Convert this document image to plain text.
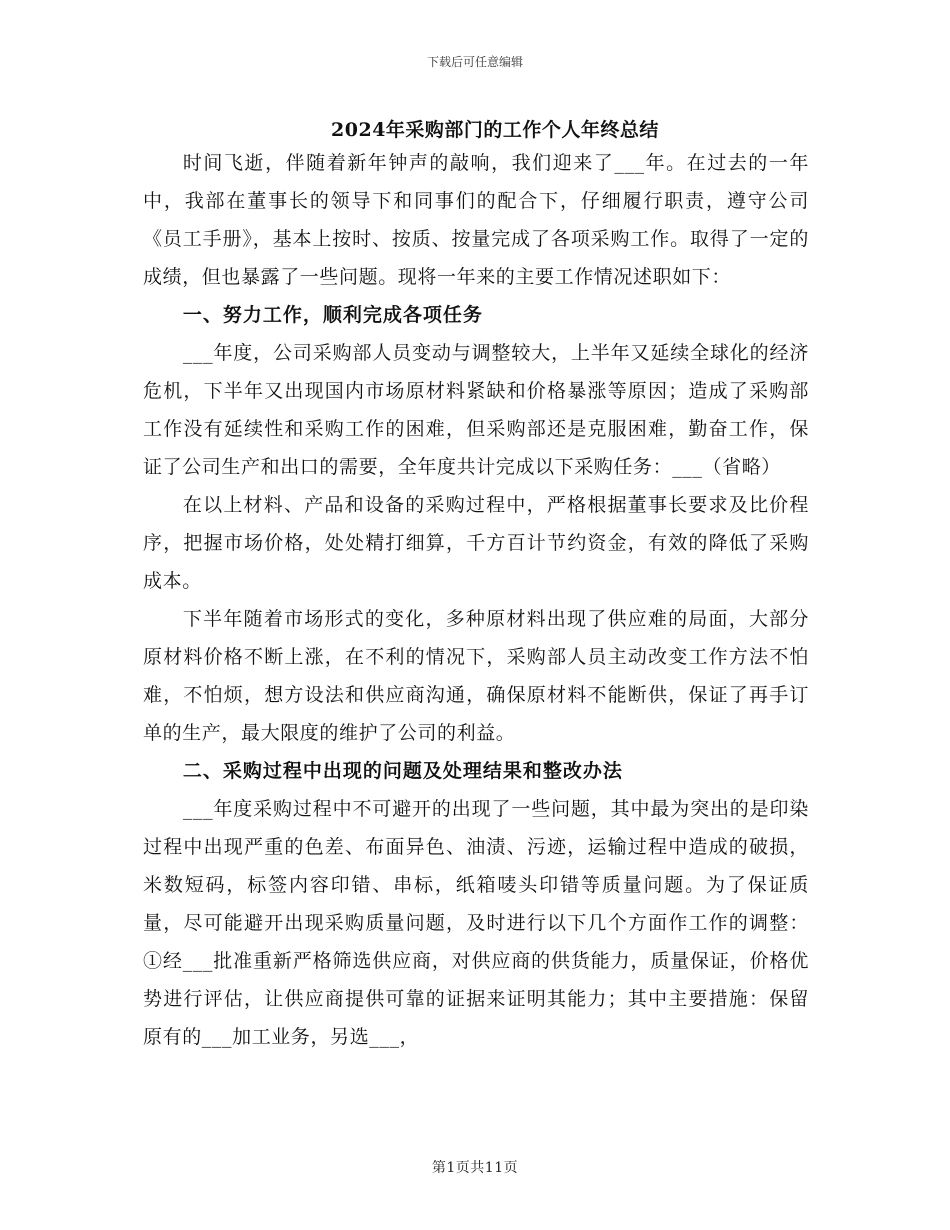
下载后可任意编辑
2024年采购部门的工作个人年终总结

时间飞逝，伴随着新年钟声的敲响，我们迎来了___年。在过去的一年中，我部在董事长的领导下和同事们的配合下，仔细履行职责，遵守公司《员工手册》，基本上按时、按质、按量完成了各项采购工作。取得了一定的成绩，但也暴露了一些问题。现将一年来的主要工作情况述职如下：

一、努力工作，顺利完成各项任务

___年度，公司采购部人员变动与调整较大，上半年又延续全球化的经济危机，下半年又出现国内市场原材料紧缺和价格暴涨等原因；造成了采购部工作没有延续性和采购工作的困难，但采购部还是克服困难，勤奋工作，保证了公司生产和出口的需要，全年度共计完成以下采购任务：___（省略）

在以上材料、产品和设备的采购过程中，严格根据董事长要求及比价程序，把握市场价格，处处精打细算，千方百计节约资金，有效的降低了采购成本。

下半年随着市场形式的变化，多种原材料出现了供应难的局面，大部分原材料价格不断上涨，在不利的情况下，采购部人员主动改变工作方法不怕难，不怕烦，想方设法和供应商沟通，确保原材料不能断供，保证了再手订单的生产，最大限度的维护了公司的利益。

二、采购过程中出现的问题及处理结果和整改办法

___年度采购过程中不可避开的出现了一些问题，其中最为突出的是印染过程中出现严重的色差、布面异色、油渍、污迹，运输过程中造成的破损，米数短码，标签内容印错、串标，纸箱唛头印错等质量问题。为了保证质量，尽可能避开出现采购质量问题，及时进行以下几个方面作工作的调整：①经___批准重新严格筛选供应商，对供应商的供货能力，质量保证，价格优势进行评估，让供应商提供可靠的证据来证明其能力；其中主要措施：保留原有的___加工业务，另选___，

第1页共11页
